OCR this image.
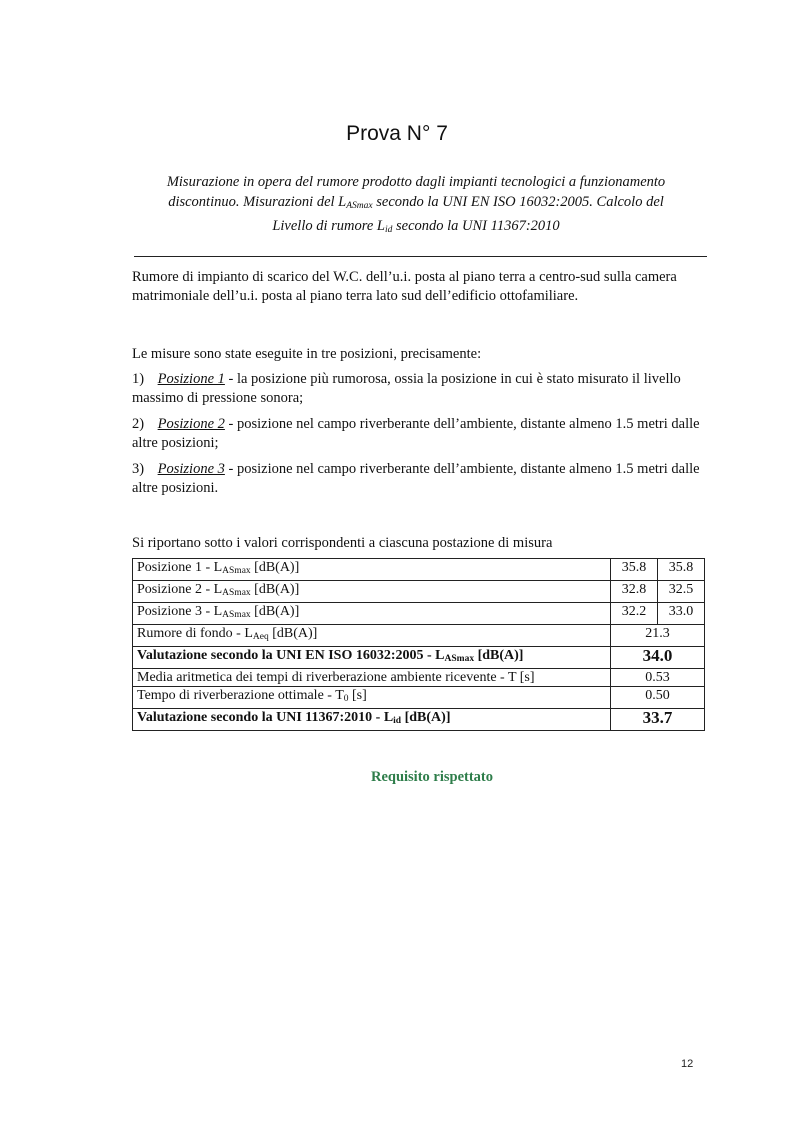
Prova N° 7
Misurazione in opera del rumore prodotto dagli impianti tecnologici a funzionamento
discontinuo. Misurazioni del $L_{ASmax}$ secondo la UNI EN ISO 16032:2005. Calcolo del
Livello di rumore $L_{id}$ secondo la UNI 11367:2010
Rumore di impianto di scarico del W.C. dell’u.i. posta al piano terra a centro-sud sulla camera matrimoniale dell’u.i. posta al piano terra lato sud dell’edificio ottofamiliare.
Le misure sono state eseguite in tre posizioni, precisamente:
1) Posizione 1 - la posizione più rumorosa, ossia la posizione in cui è stato misurato il livello massimo di pressione sonora;
2) Posizione 2 - posizione nel campo riverberante dell’ambiente, distante almeno 1.5 metri dalle altre posizioni;
3) Posizione 3 - posizione nel campo riverberante dell’ambiente, distante almeno 1.5 metri dalle altre posizioni.
Si riportano sotto i valori corrispondenti a ciascuna postazione di misura
Posizione $1 - L_{ASmax}$ [dB(A)]	35.8	35.8
Posizione $2 - L_{ASmax}$ [dB(A)]	32.8	32.5
Posizione $3 - L_{ASmax}$ [dB(A)]	32.2	33.0
Rumore di fondo - $L_{Aeq}$ [dB(A)]	21.3	
Valutazione secondo la UNI EN ISO 16032:2005 - $L_{ASmax}$ [dB(A)]	34.0	
Media aritmetica dei tempi di riverberazione ambiente ricevente - T [s]	0.53	
Tempo di riverberazione ottimale - $T_0$ [s]	0.50	
Valutazione secondo la UNI 11367:2010 - $L_{id}$ [dB(A)]	33.7	
Requisito rispettato
12
